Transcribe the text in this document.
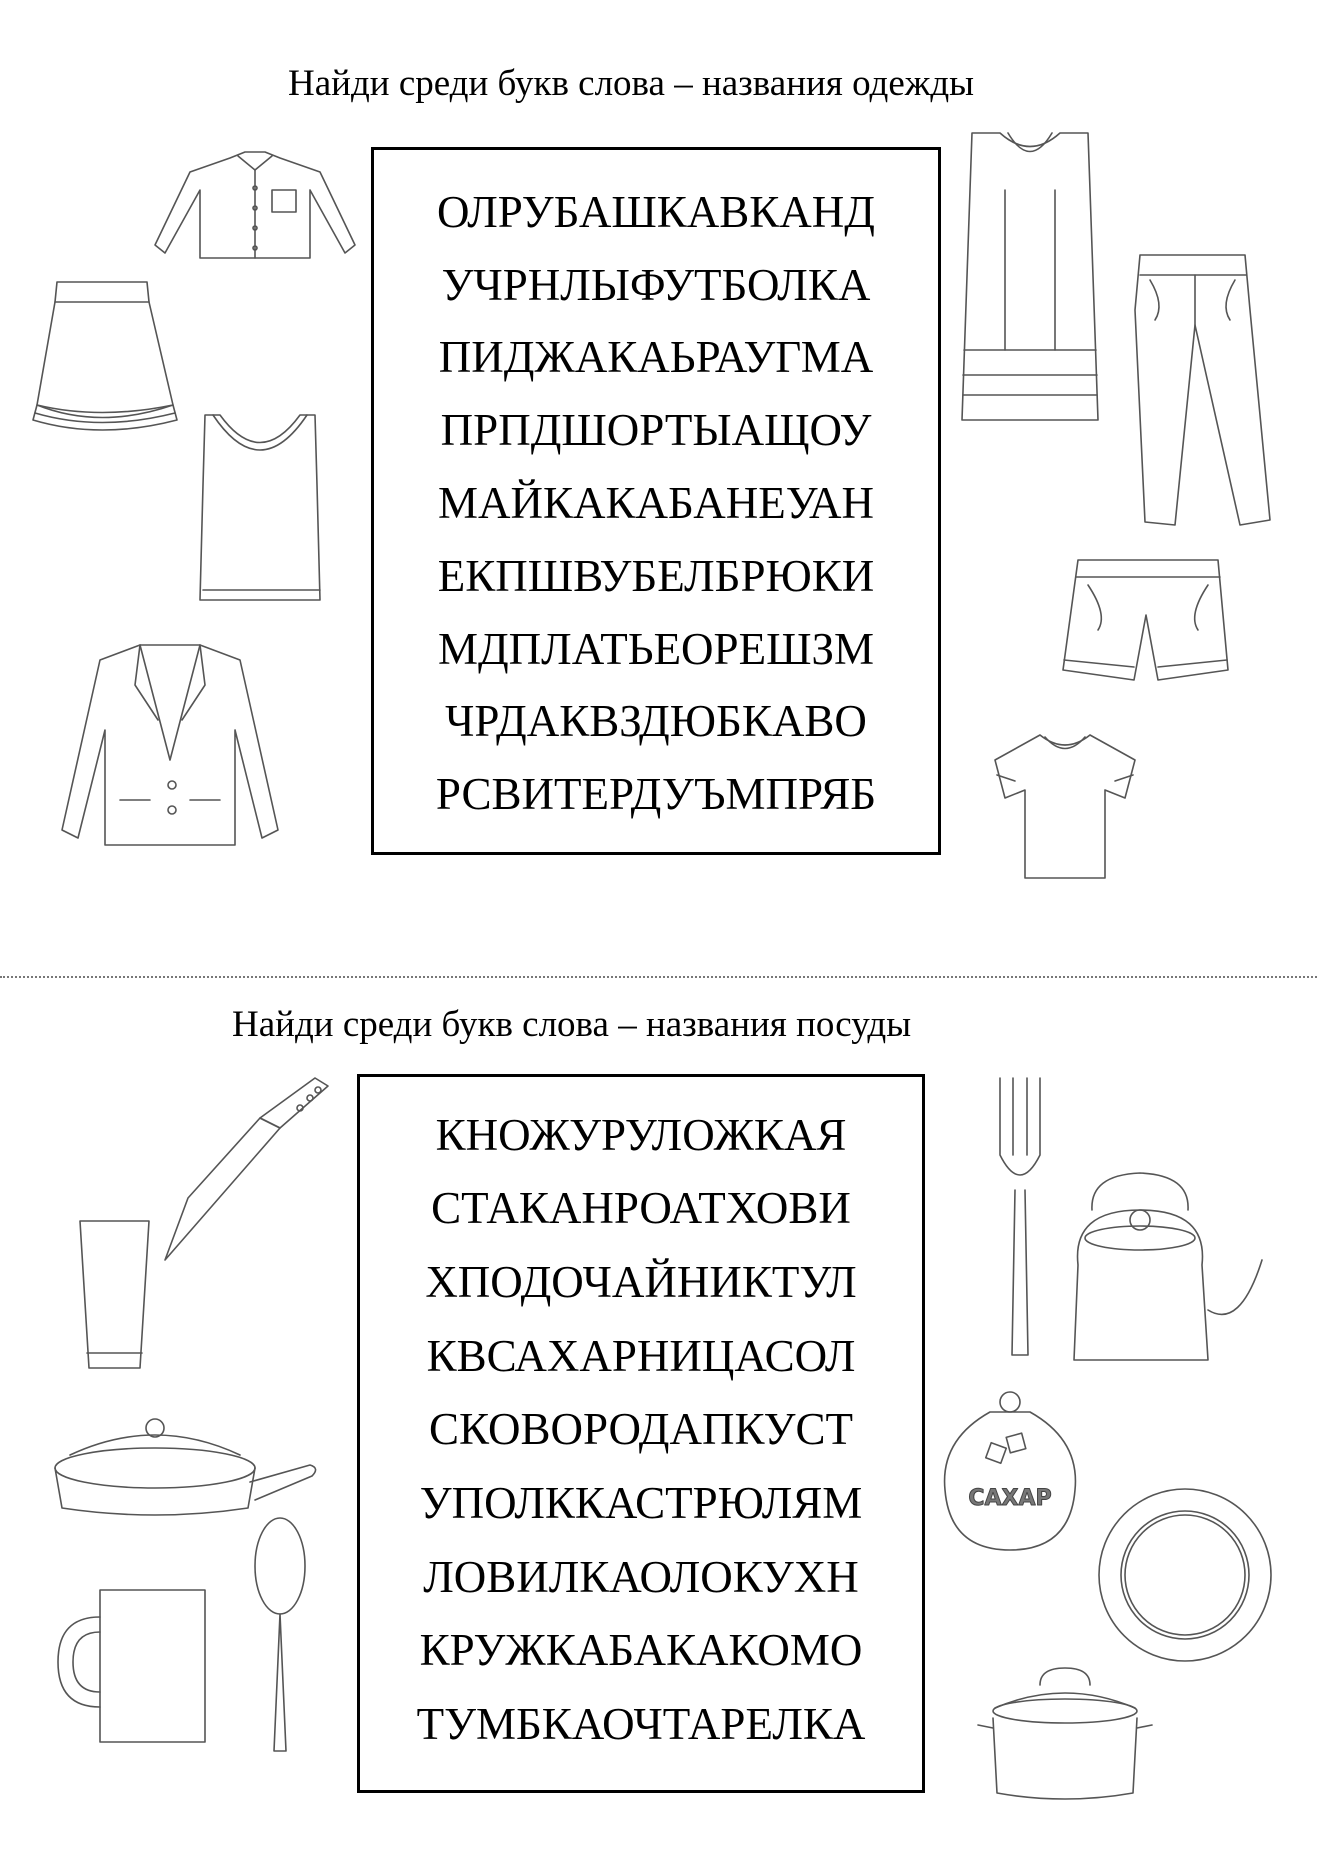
Найди среди букв слова – названия одежды
Найди среди букв слова – названия посуды
ОЛРУБАШКАВКАНД
УЧРНЛЫФУТБОЛКА
ПИДЖАКАЬРАУГМА
ПРПДШОРТЫАЩОУ
МАЙКАКАБАНЕУАН
ЕКПШВУБЕЛБРЮКИ
МДПЛАТЬЕОРЕШЗМ
ЧРДАКВЗДЮБКАВО
РСВИТЕРДУЪМПРЯБ
КНОЖУРУЛОЖКАЯ
СТАКАНРОАТХОВИ
ХПОДОЧАЙНИКТУЛ
КВСАХАРНИЦАСОЛ
СКОВОРОДАПКУСТ
УПОЛККАСТРЮЛЯМ
ЛОВИЛКАОЛОКУХН
КРУЖКАБАКАКОМО
ТУМБКАОЧТАРЕЛКА
САХАР
